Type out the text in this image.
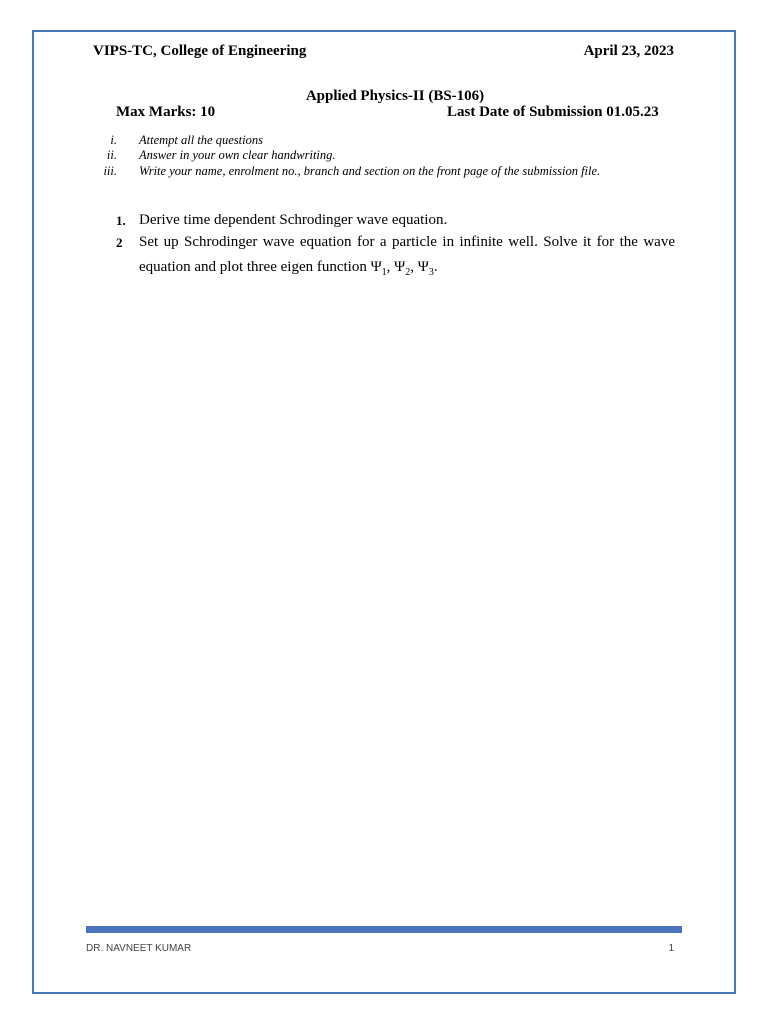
VIPS-TC, College of Engineering	April 23, 2023
Applied Physics-II (BS-106)
Max Marks: 10	Last Date of Submission 01.05.23
i. Attempt all the questions
ii. Answer in your own clear handwriting.
iii. Write your name, enrolment no., branch and section on the front page of the submission file.
1. Derive time dependent Schrodinger wave equation.
2 Set up Schrodinger wave equation for a particle in infinite well. Solve it for the wave
equation and plot three eigen function $\Psi_1$, $\Psi_2$, $\Psi_3$.
DR. NAVNEET KUMAR	1
